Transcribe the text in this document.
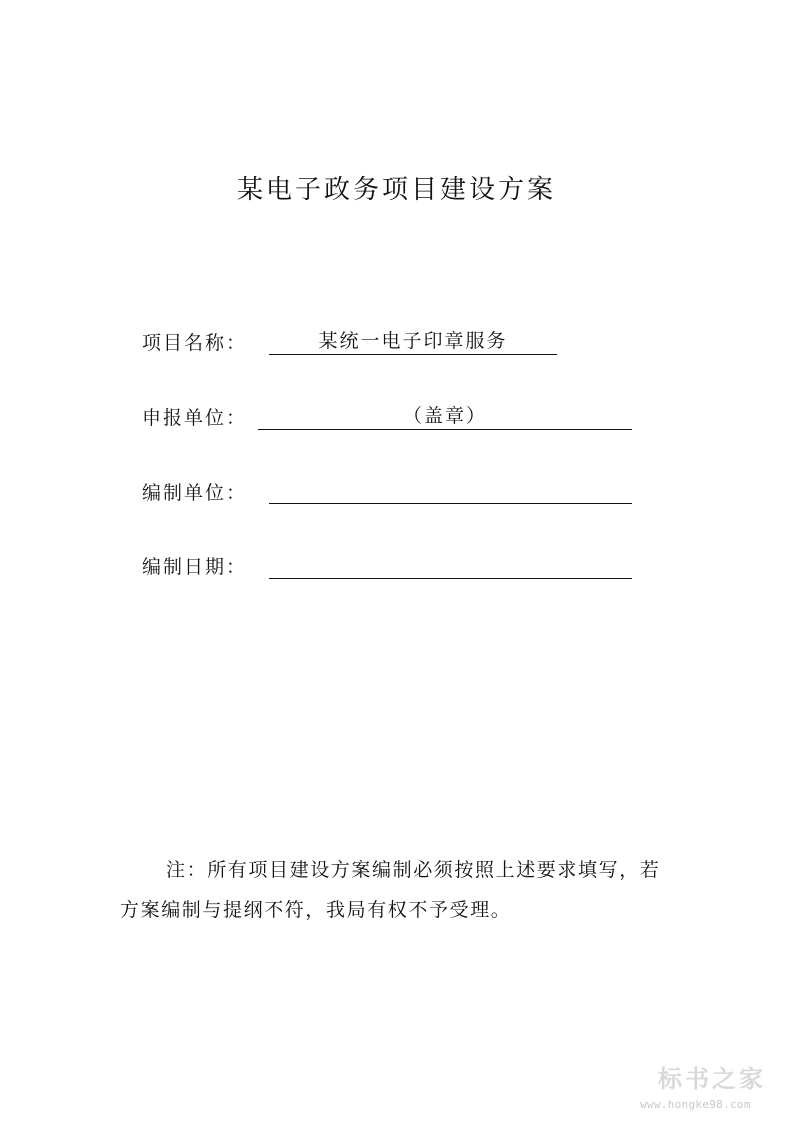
某电子政务项目建设方案
项目名称：	某统一电子印章服务
申报单位：	（盖章）
编制单位：
编制日期：
注：所有项目建设方案编制必须按照上述要求填写，若方案编制与提纲不符，我局有权不予受理。
标书之家
www.hongke98.com
